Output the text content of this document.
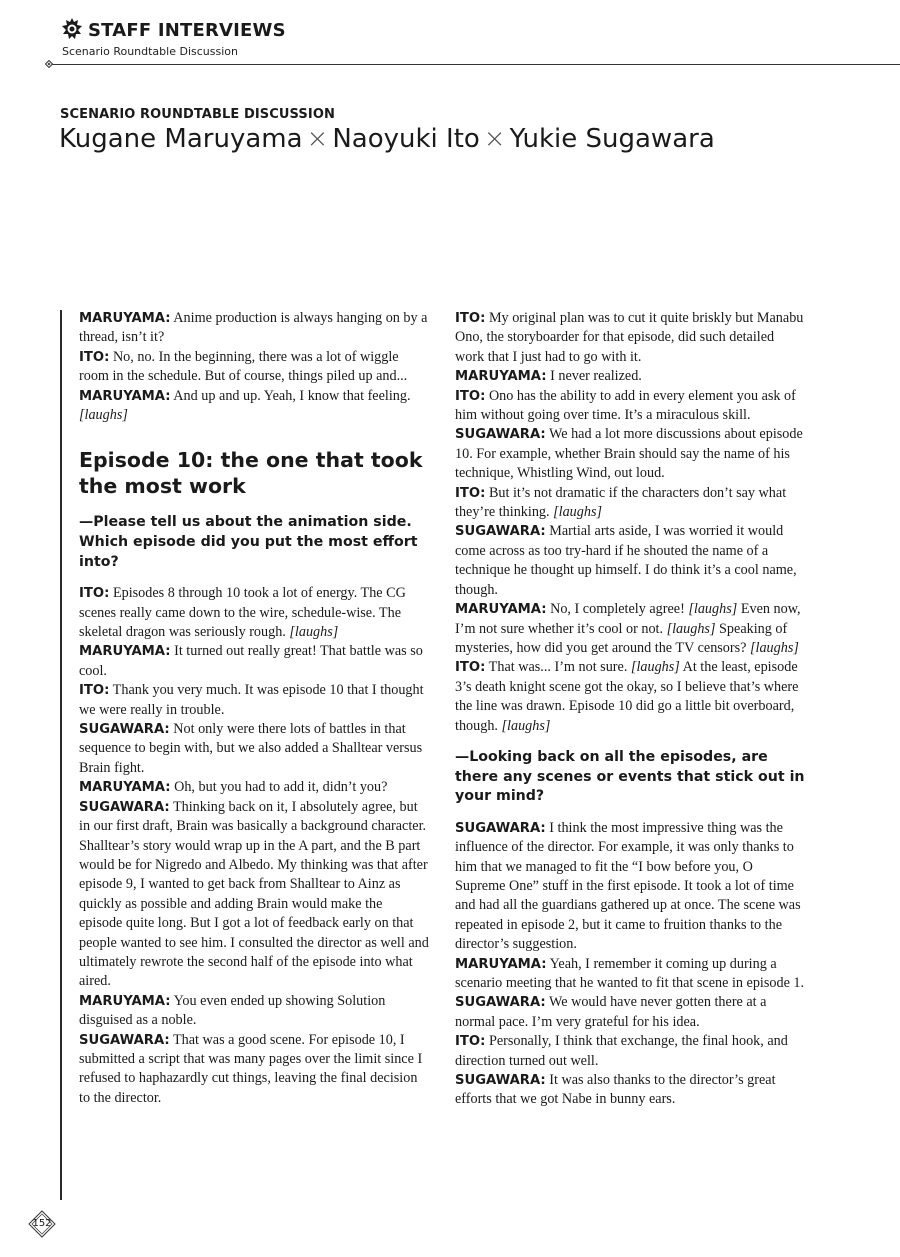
STAFF INTERVIEWS
Scenario Roundtable Discussion
SCENARIO ROUNDTABLE DISCUSSION
Kugane Maruyama × Naoyuki Ito × Yukie Sugawara

MARUYAMA: Anime production is always hanging on by a thread, isn’t it?

ITO: No, no. In the beginning, there was a lot of wiggle room in the schedule. But of course, things piled up and...

MARUYAMA: And up and up. Yeah, I know that feeling. [laughs]

Episode 10: the one that took the most work

—Please tell us about the animation side. Which episode did you put the most effort into?

ITO: Episodes 8 through 10 took a lot of energy. The CG scenes really came down to the wire, schedule-wise. The skeletal dragon was seriously rough. [laughs]

MARUYAMA: It turned out really great! That battle was so cool.

ITO: Thank you very much. It was episode 10 that I thought we were really in trouble.

SUGAWARA: Not only were there lots of battles in that sequence to begin with, but we also added a Shalltear versus Brain fight.

MARUYAMA: Oh, but you had to add it, didn’t you?

SUGAWARA: Thinking back on it, I absolutely agree, but in our first draft, Brain was basically a background character. Shalltear’s story would wrap up in the A part, and the B part would be for Nigredo and Albedo. My thinking was that after episode 9, I wanted to get back from Shalltear to Ainz as quickly as possible and adding Brain would make the episode quite long. But I got a lot of feedback early on that people wanted to see him. I consulted the director as well and ultimately rewrote the second half of the episode into what aired.

MARUYAMA: You even ended up showing Solution disguised as a noble.

SUGAWARA: That was a good scene. For episode 10, I submitted a script that was many pages over the limit since I refused to haphazardly cut things, leaving the final decision to the director.

ITO: My original plan was to cut it quite briskly but Manabu Ono, the storyboarder for that episode, did such detailed work that I just had to go with it.

MARUYAMA: I never realized.

ITO: Ono has the ability to add in every element you ask of him without going over time. It’s a miraculous skill.

SUGAWARA: We had a lot more discussions about episode 10. For example, whether Brain should say the name of his technique, Whistling Wind, out loud.

ITO: But it’s not dramatic if the characters don’t say what they’re thinking. [laughs]

SUGAWARA: Martial arts aside, I was worried it would come across as too try-hard if he shouted the name of a technique he thought up himself. I do think it’s a cool name, though.

MARUYAMA: No, I completely agree! [laughs] Even now, I’m not sure whether it’s cool or not. [laughs] Speaking of mysteries, how did you get around the TV censors? [laughs]

ITO: That was... I’m not sure. [laughs] At the least, episode 3’s death knight scene got the okay, so I believe that’s where the line was drawn. Episode 10 did go a little bit overboard, though. [laughs]

—Looking back on all the episodes, are there any scenes or events that stick out in your mind?

SUGAWARA: I think the most impressive thing was the influence of the director. For example, it was only thanks to him that we managed to fit the “I bow before you, O Supreme One” stuff in the first episode. It took a lot of time and had all the guardians gathered up at once. The scene was repeated in episode 2, but it came to fruition thanks to the director’s suggestion.

MARUYAMA: Yeah, I remember it coming up during a scenario meeting that he wanted to fit that scene in episode 1.

SUGAWARA: We would have never gotten there at a normal pace. I’m very grateful for his idea.

ITO: Personally, I think that exchange, the final hook, and direction turned out well.

SUGAWARA: It was also thanks to the director’s great efforts that we got Nabe in bunny ears.

152
